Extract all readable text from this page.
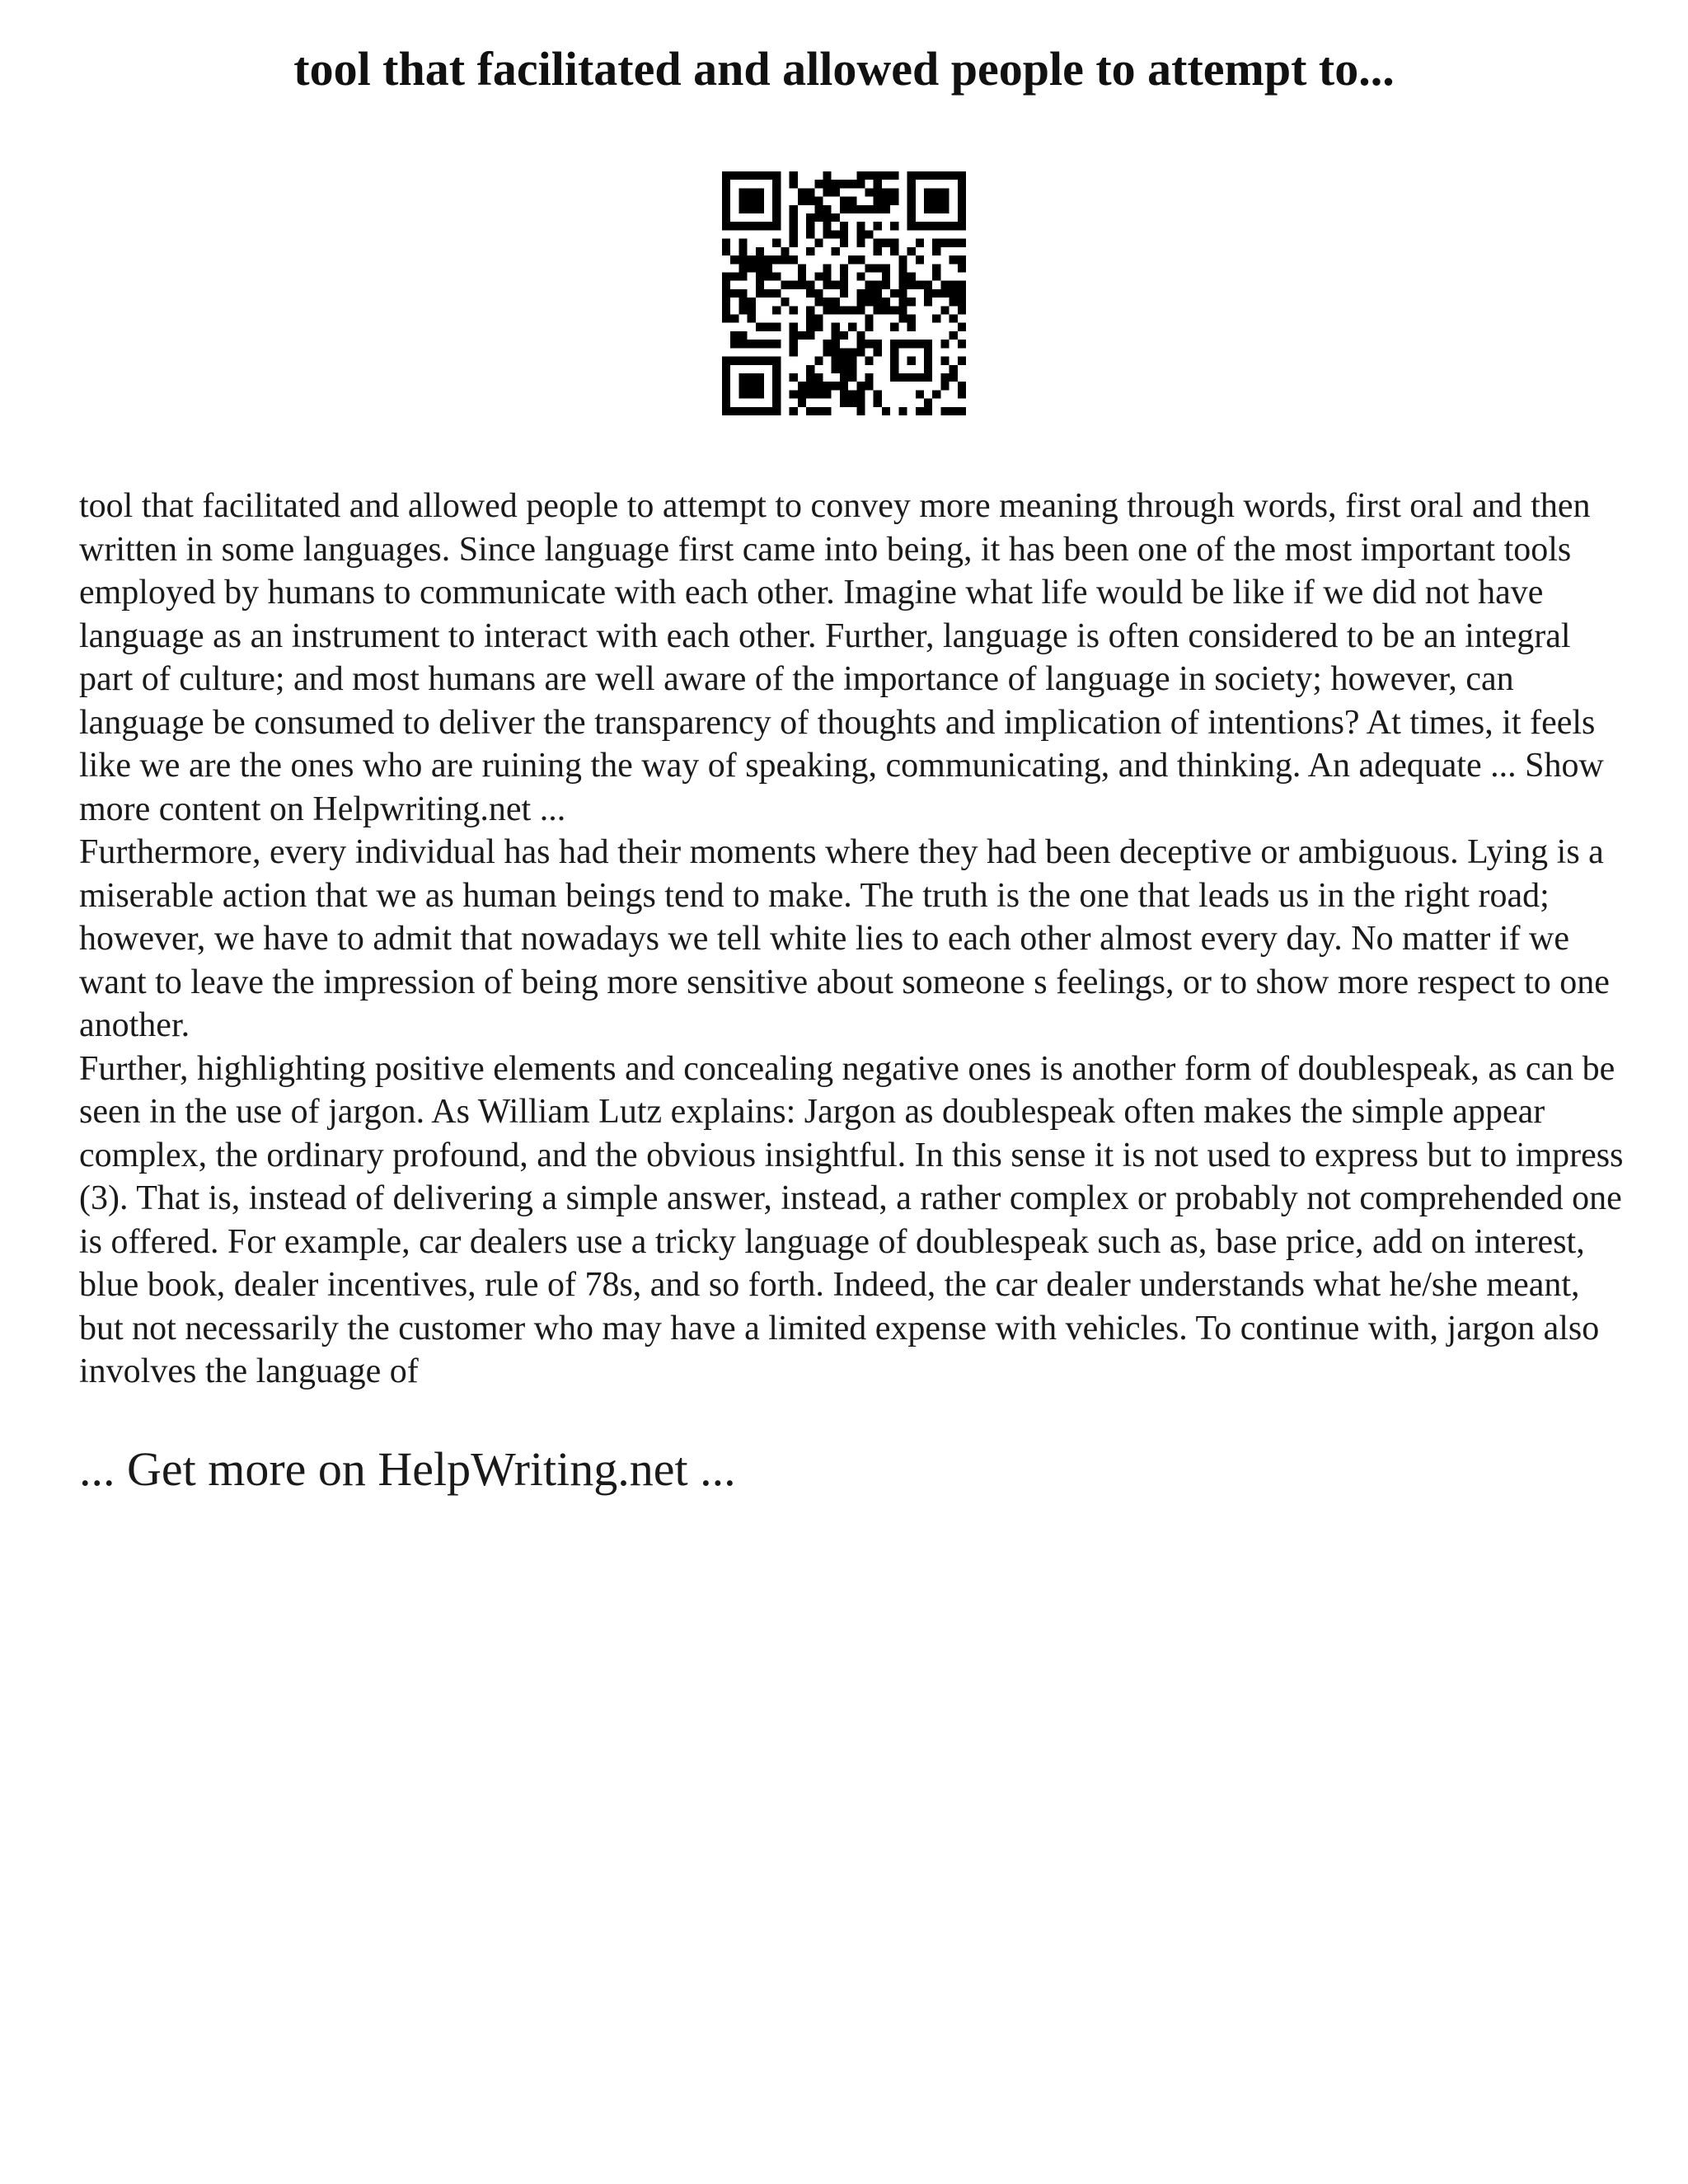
tool that facilitated and allowed people to attempt to...

tool that facilitated and allowed people to attempt to convey more meaning through words, first oral and then written in some languages. Since language first came into being, it has been one of the most important tools employed by humans to communicate with each other. Imagine what life would be like if we did not have language as an instrument to interact with each other. Further, language is often considered to be an integral part of culture; and most humans are well aware of the importance of language in society; however, can language be consumed to deliver the transparency of thoughts and implication of intentions? At times, it feels like we are the ones who are ruining the way of speaking, communicating, and thinking. An adequate ... Show more content on Helpwriting.net ...

Furthermore, every individual has had their moments where they had been deceptive or ambiguous. Lying is a miserable action that we as human beings tend to make. The truth is the one that leads us in the right road; however, we have to admit that nowadays we tell white lies to each other almost every day. No matter if we want to leave the impression of being more sensitive about someone s feelings, or to show more respect to one another.

Further, highlighting positive elements and concealing negative ones is another form of doublespeak, as can be seen in the use of jargon. As William Lutz explains: Jargon as doublespeak often makes the simple appear complex, the ordinary profound, and the obvious insightful. In this sense it is not used to express but to impress (3). That is, instead of delivering a simple answer, instead, a rather complex or probably not comprehended one is offered. For example, car dealers use a tricky language of doublespeak such as, base price, add on interest, blue book, dealer incentives, rule of 78s, and so forth. Indeed, the car dealer understands what he/she meant, but not necessarily the customer who may have a limited expense with vehicles. To continue with, jargon also involves the language of

... Get more on HelpWriting.net ...
